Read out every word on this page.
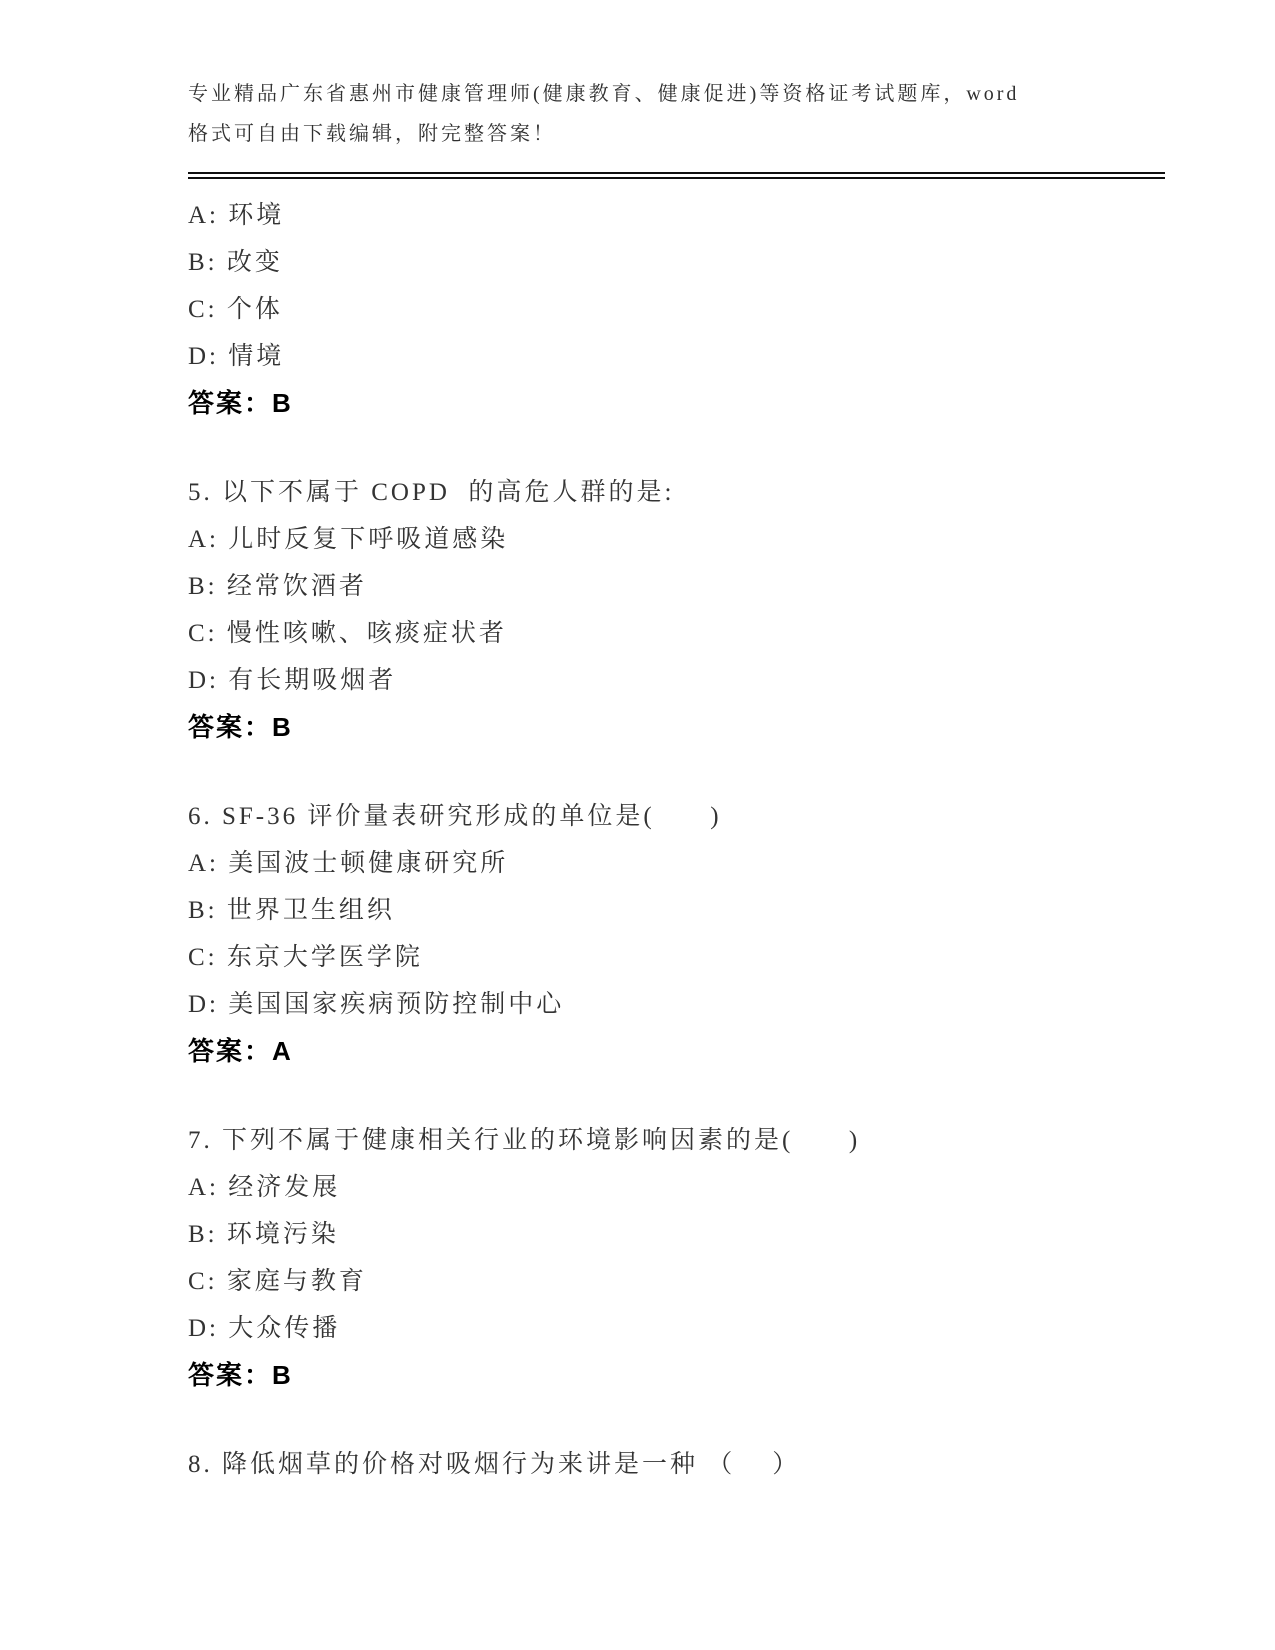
专业精品广东省惠州市健康管理师(健康教育、健康促进)等资格证考试题库，word

格式可自由下载编辑，附完整答案！

A: 环境

B: 改变

C: 个体

D: 情境

答案：B

5. 以下不属于 COPD  的高危人群的是:

A: 儿时反复下呼吸道感染

B: 经常饮酒者

C: 慢性咳嗽、咳痰症状者

D: 有长期吸烟者

答案：B

6. SF-36 评价量表研究形成的单位是(      )

A: 美国波士顿健康研究所

B: 世界卫生组织

C: 东京大学医学院

D: 美国国家疾病预防控制中心

答案：A

7. 下列不属于健康相关行业的环境影响因素的是(      )

A: 经济发展

B: 环境污染

C: 家庭与教育

D: 大众传播

答案：B

8. 降低烟草的价格对吸烟行为来讲是一种 （    ）
